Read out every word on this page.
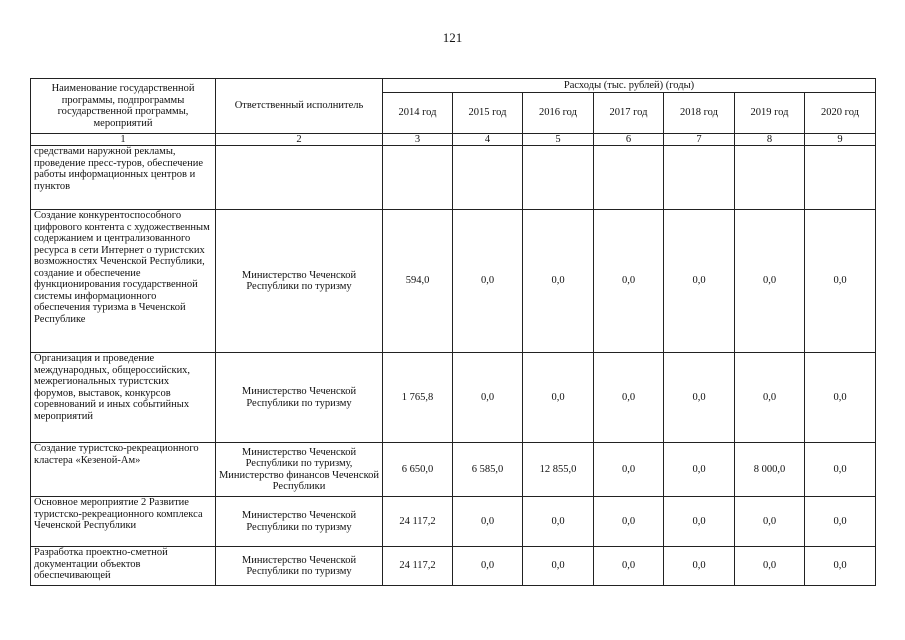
121
Наименование государственной программы, подпрограммы государственной программы, мероприятий	Ответственный исполнитель	Расходы (тыс. рублей) (годы)						
		2014 год	2015 год	2016 год	2017 год	2018 год	2019 год	2020 год
1	2	3	4	5	6	7	8	9
средствами наружной рекламы, проведение пресс-туров, обеспечение работы информационных центров и пунктов								
Создание конкурентоспособного цифрового контента с художественным содержанием и централизованного ресурса в сети Интернет о туристских возможностях Чеченской Республики, создание и обеспечение функционирования государственной системы информационного обеспечения туризма в Чеченской Республике	Министерство Чеченской Республики по туризму	594,0	0,0	0,0	0,0	0,0	0,0	0,0
Организация и проведение международных, общероссийских, межрегиональных туристских форумов, выставок, конкурсов соревнований и иных событийных мероприятий	Министерство Чеченской Республики по туризму	1 765,8	0,0	0,0	0,0	0,0	0,0	0,0
Создание туристско-рекреационного кластера «Кезеной-Ам»	Министерство Чеченской Республики по туризму, Министерство финансов Чеченской Республики	6 650,0	6 585,0	12 855,0	0,0	0,0	8 000,0	0,0
Основное мероприятие 2 Развитие туристско-рекреационного комплекса Чеченской Республики	Министерство Чеченской Республики по туризму	24 117,2	0,0	0,0	0,0	0,0	0,0	0,0
Разработка проектно-сметной документации объектов обеспечивающей	Министерство Чеченской Республики по туризму	24 117,2	0,0	0,0	0,0	0,0	0,0	0,0
